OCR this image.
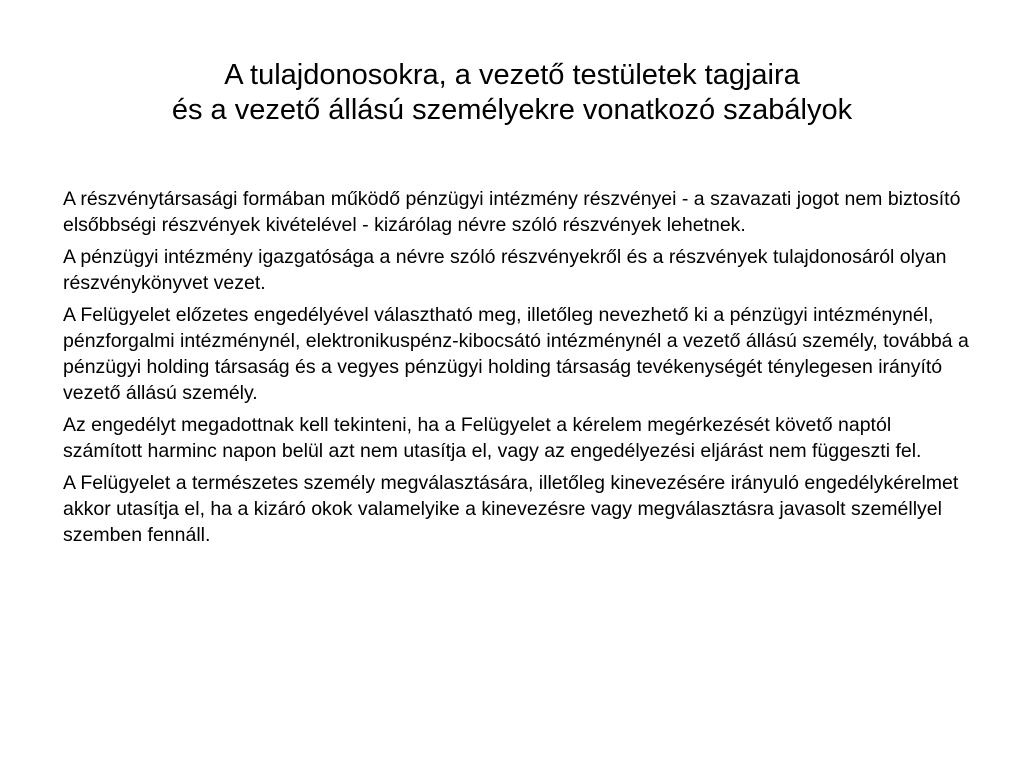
A tulajdonosokra, a vezető testületek tagjaira
és a vezető állású személyekre vonatkozó szabályok

A részvénytársasági formában működő pénzügyi intézmény részvényei - a szavazati jogot nem biztosító elsőbbségi részvények kivételével - kizárólag névre szóló részvények lehetnek.

A pénzügyi intézmény igazgatósága a névre szóló részvényekről és a részvények tulajdonosáról olyan részvénykönyvet vezet.

A Felügyelet előzetes engedélyével választható meg, illetőleg nevezhető ki a pénzügyi intézménynél, pénzforgalmi intézménynél, elektronikuspénz-kibocsátó intézménynél a vezető állású személy, továbbá a pénzügyi holding társaság és a vegyes pénzügyi holding társaság tevékenységét ténylegesen irányító vezető állású személy.

Az engedélyt megadottnak kell tekinteni, ha a Felügyelet a kérelem megérkezését követő naptól számított harminc napon belül azt nem utasítja el, vagy az engedélyezési eljárást nem függeszti fel.

A Felügyelet a természetes személy megválasztására, illetőleg kinevezésére irányuló engedélykérelmet akkor utasítja el, ha a kizáró okok valamelyike a kinevezésre vagy megválasztásra javasolt személlyel szemben fennáll.
